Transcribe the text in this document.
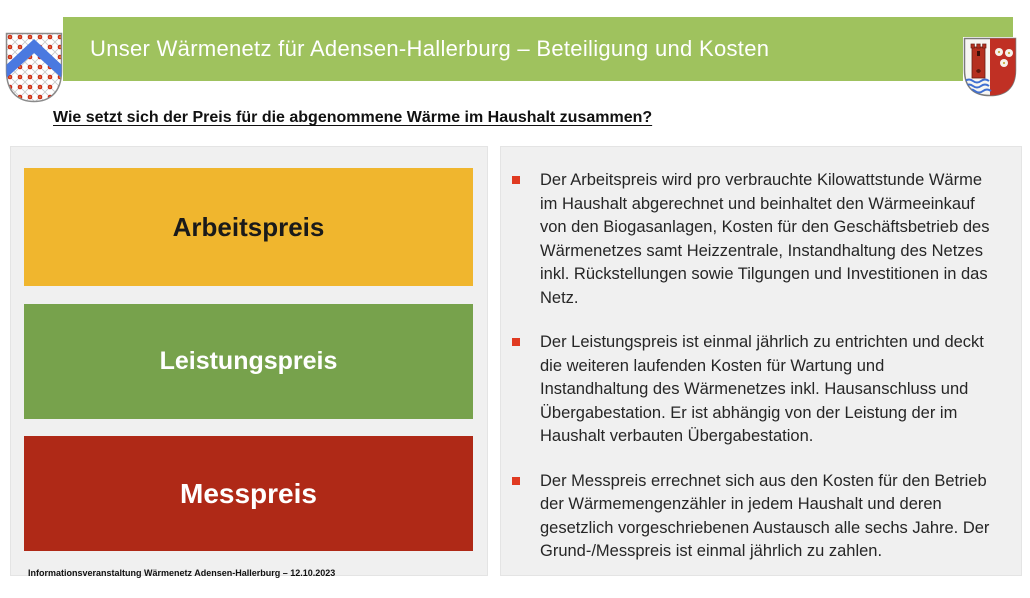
Unser Wärmenetz für Adensen-Hallerburg – Beteiligung und Kosten
Wie setzt sich der Preis für die abgenommene Wärme im Haushalt zusammen?
Arbeitspreis
Leistungspreis
Messpreis
Der Arbeitspreis wird pro verbrauchte Kilowattstunde Wärme im Haushalt abgerechnet und beinhaltet den Wärmeeinkauf von den Biogasanlagen, Kosten für den Geschäftsbetrieb des Wärmenetzes samt Heizzentrale, Instandhaltung des Netzes inkl. Rückstellungen sowie Tilgungen und Investitionen in das Netz.
Der Leistungspreis ist einmal jährlich zu entrichten und deckt die weiteren laufenden Kosten für Wartung und Instandhaltung des Wärmenetzes inkl. Hausanschluss und Übergabestation. Er ist abhängig von der Leistung der im Haushalt verbauten Übergabestation.
Der Messpreis errechnet sich aus den Kosten für den Betrieb der Wärmemengenzähler in jedem Haushalt und deren gesetzlich vorgeschriebenen Austausch alle sechs Jahre. Der Grund-/Messpreis ist einmal jährlich zu zahlen.
Informationsveranstaltung Wärmenetz Adensen-Hallerburg – 12.10.2023
